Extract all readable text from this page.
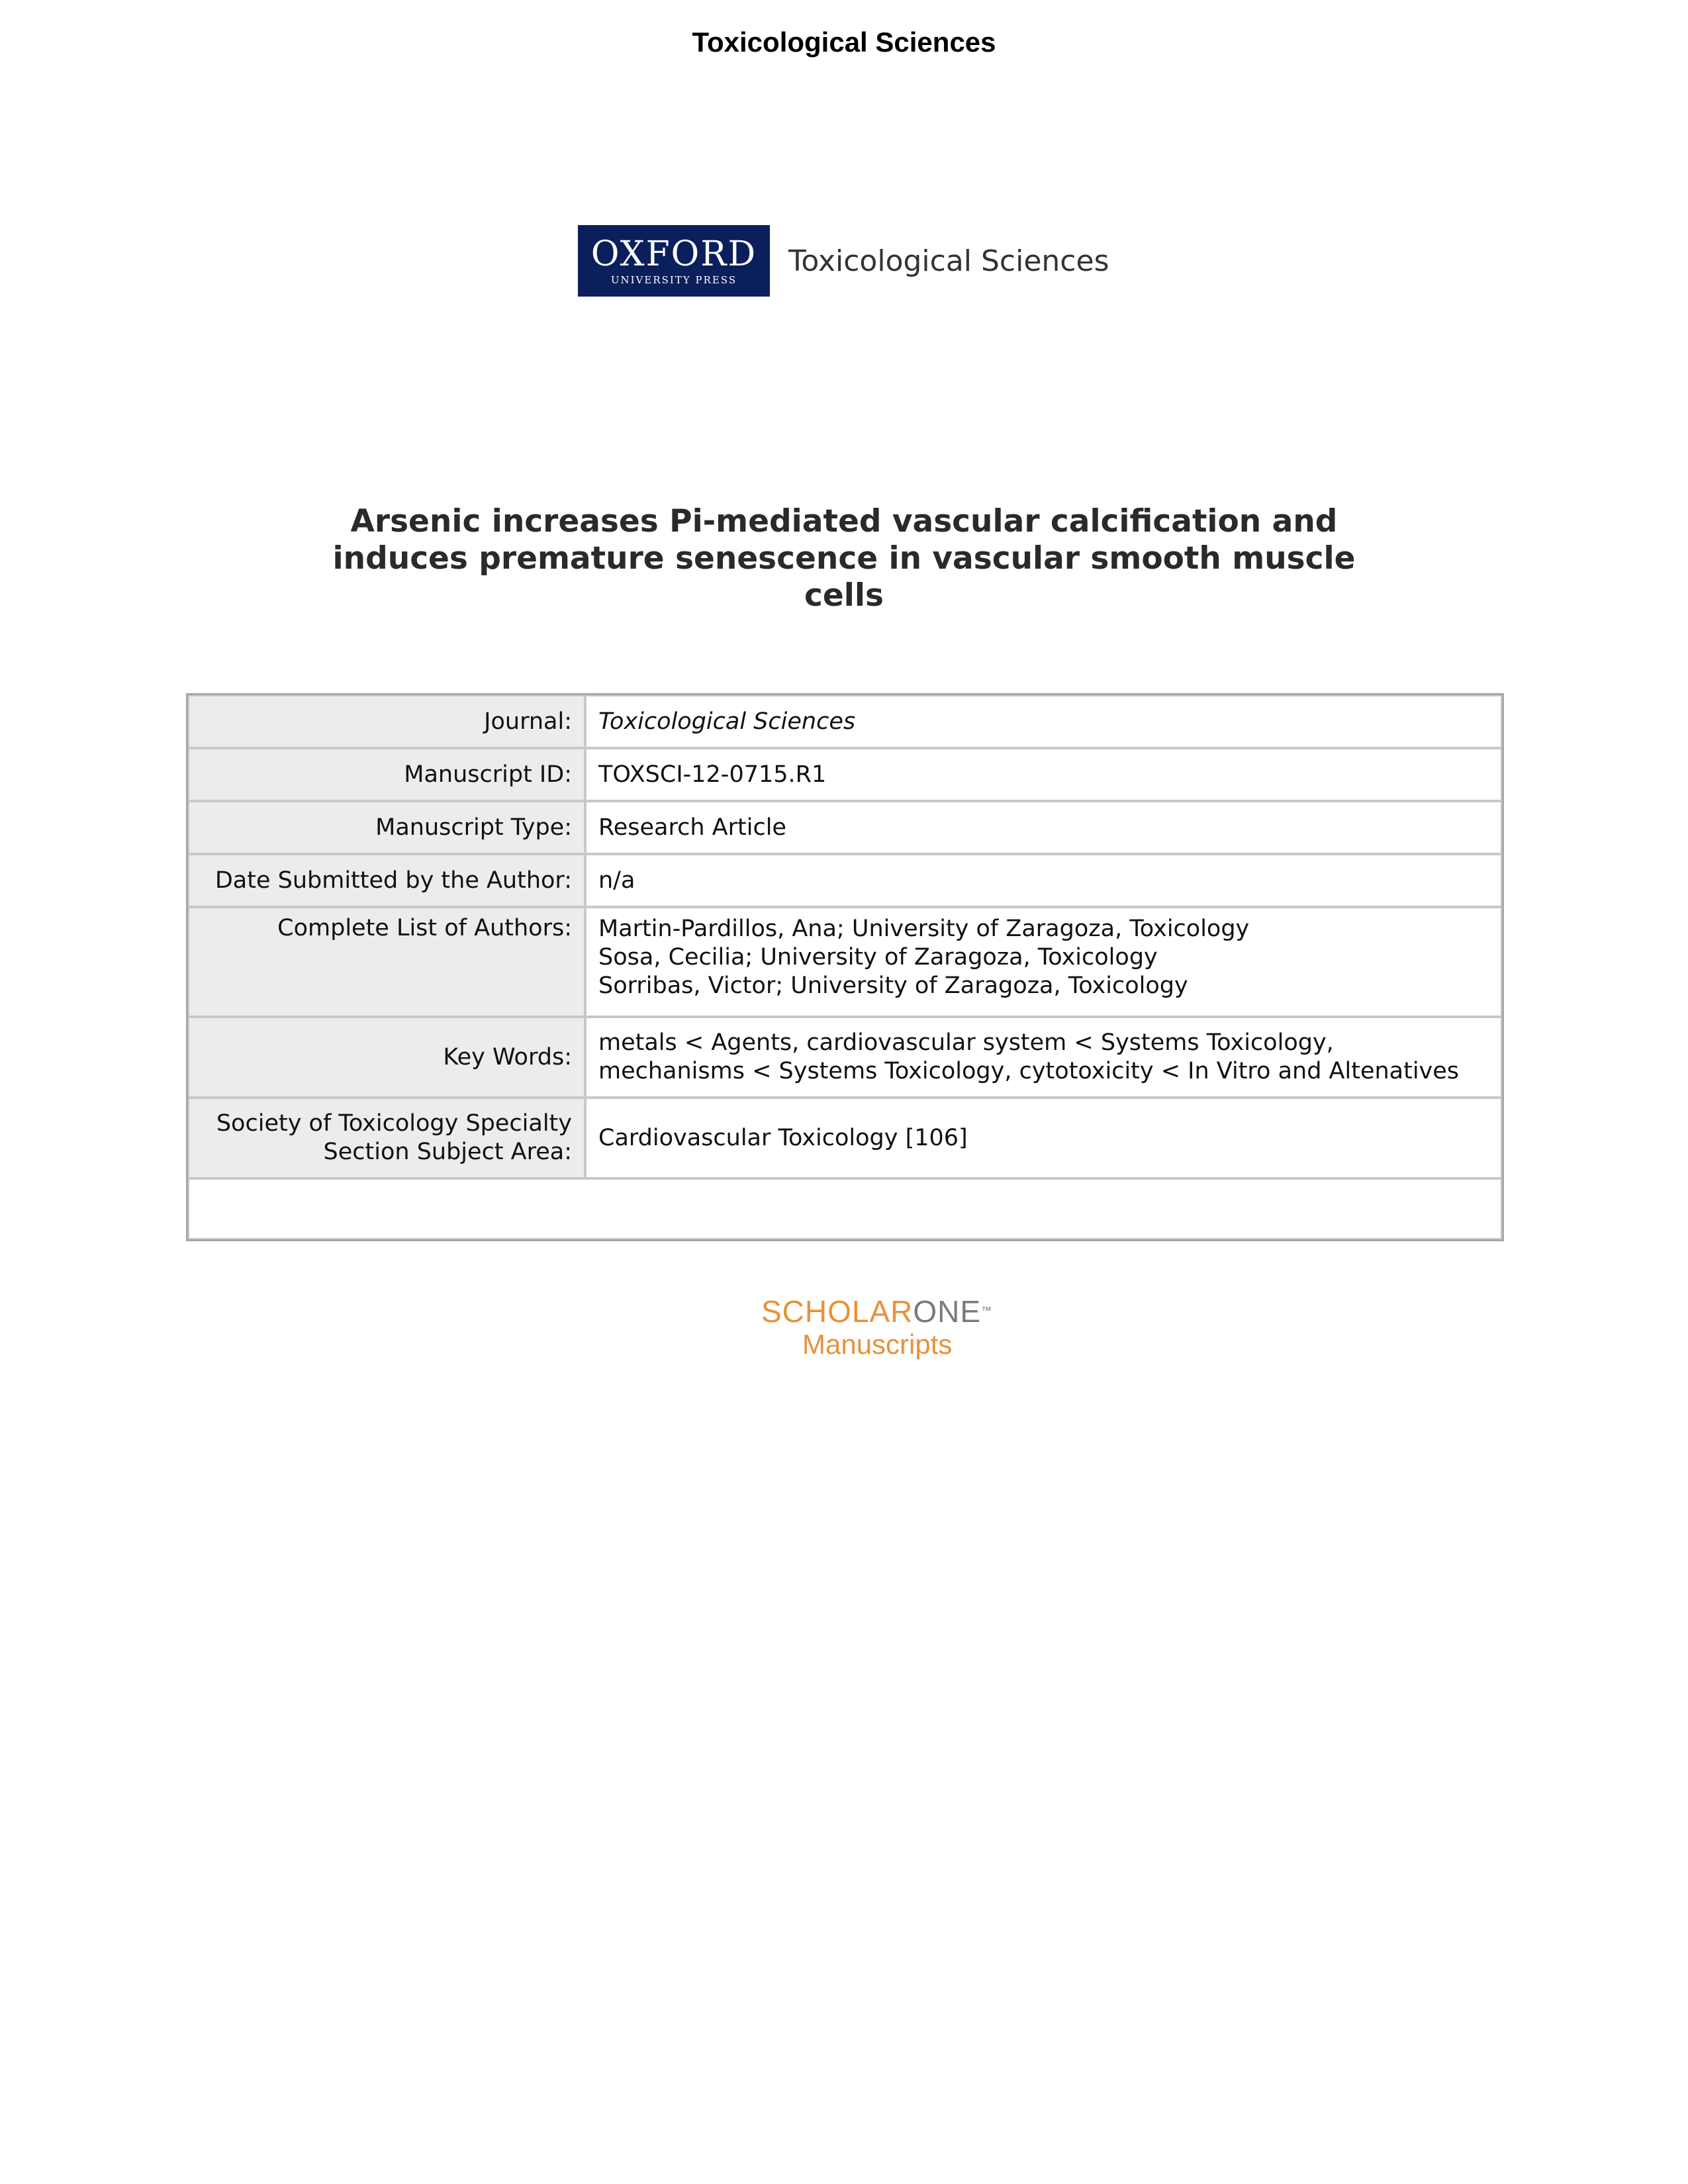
Toxicological Sciences
OXFORD
UNIVERSITY PRESS
Toxicological Sciences
Arsenic increases Pi-mediated vascular calcification and induces premature senescence in vascular smooth muscle cells
Journal:	Toxicological Sciences
Manuscript ID:	TOXSCI-12-0715.R1
Manuscript Type:	Research Article
Date Submitted by the Author:	n/a
Complete List of Authors:	Martin-Pardillos, Ana; University of Zaragoza, Toxicology
Sosa, Cecilia; University of Zaragoza, Toxicology
Sorribas, Victor; University of Zaragoza, Toxicology

Key Words:	metals < Agents, cardiovascular system < Systems Toxicology,
mechanisms < Systems Toxicology, cytotoxicity < In Vitro and Altenatives

Society of Toxicology Specialty
Section Subject Area:	Cardiovascular Toxicology [106]

SCHOLARONE™
Manuscripts
